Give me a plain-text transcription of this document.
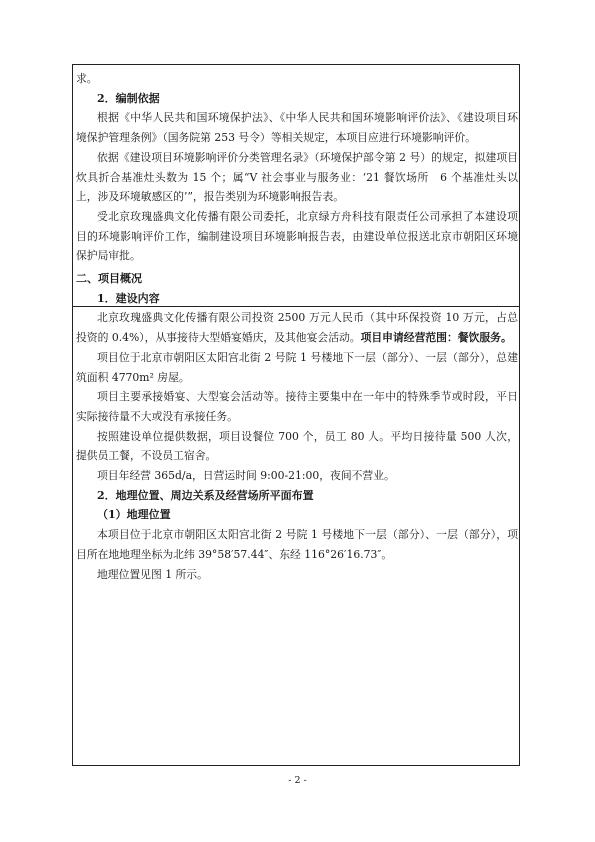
求。

2．编制依据

根据《中华人民共和国环境保护法》、《中华人民共和国环境影响评价法》、《建设项目环境保护管理条例》（国务院第 253 号令）等相关规定，本项目应进行环境影响评价。

依据《建设项目环境影响评价分类管理名录》（环境保护部令第 2 号）的规定，拟建项目炊具折合基准灶头数为 15 个；属“V 社会事业与服务业：‘21 餐饮场所　6 个基准灶头以上，涉及环境敏感区的’”，报告类别为环境影响报告表。

受北京玫瑰盛典文化传播有限公司委托，北京绿方舟科技有限责任公司承担了本建设项目的环境影响评价工作，编制建设项目环境影响报告表，由建设单位报送北京市朝阳区环境保护局审批。

二、项目概况

1．建设内容

北京玫瑰盛典文化传播有限公司投资 2500 万元人民币（其中环保投资 10 万元，占总投资的 0.4%），从事接待大型婚宴婚庆，及其他宴会活动。项目申请经营范围：餐饮服务。

项目位于北京市朝阳区太阳宫北街 2 号院 1 号楼地下一层（部分）、一层（部分），总建筑面积 4770m² 房屋。

项目主要承接婚宴、大型宴会活动等。接待主要集中在一年中的特殊季节或时段，平日实际接待量不大或没有承接任务。

按照建设单位提供数据，项目设餐位 700 个，员工 80 人。平均日接待量 500 人次，提供员工餐，不设员工宿舍。

项目年经营 365d/a，日营运时间 9:00-21:00，夜间不营业。

2．地理位置、周边关系及经营场所平面布置

（1）地理位置

本项目位于北京市朝阳区太阳宫北街 2 号院 1 号楼地下一层（部分）、一层（部分），项目所在地地理坐标为北纬 39°58′57.44″、东经 116°26′16.73″。

地理位置见图 1 所示。

- 2 -
